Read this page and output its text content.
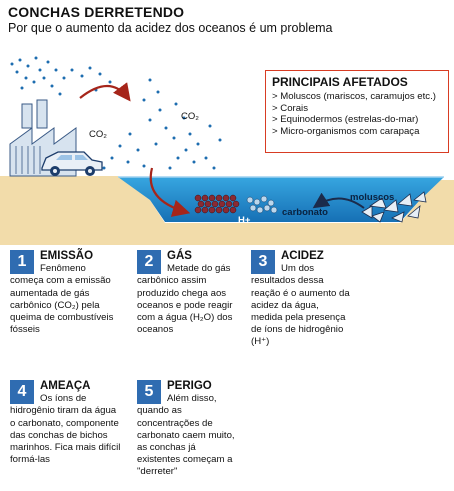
CONCHAS DERRETENDO
Por que o aumento da acidez dos oceanos é um problema
CO₂
CO₂
carbonato
moluscos
H+
PRINCIPAIS AFETADOS
> Moluscos (mariscos, caramujos etc.)
> Corais
> Equinodermos (estrelas-do-mar)
> Micro-organismos com carapaça
1	EMISSÃO
Fenômeno começa com a emissão aumentada de gás carbônico (CO₂) pela queima de combustíveis fósseis
2	GÁS
Metade do gás carbônico assim produzido chega aos oceanos e pode reagir com a água (H₂O) dos oceanos
3	ACIDEZ
Um dos resultados dessa reação é o aumento da acidez da água, medida pela presença de íons de hidrogênio (H⁺)
4	AMEAÇA
Os íons de hidrogênio tiram da água o carbonato, componente das conchas de bichos marinhos. Fica mais difícil formá-las
5	PERIGO
Além disso, quando as concentrações de carbonato caem muito, as conchas já existentes começam a "derreter"
